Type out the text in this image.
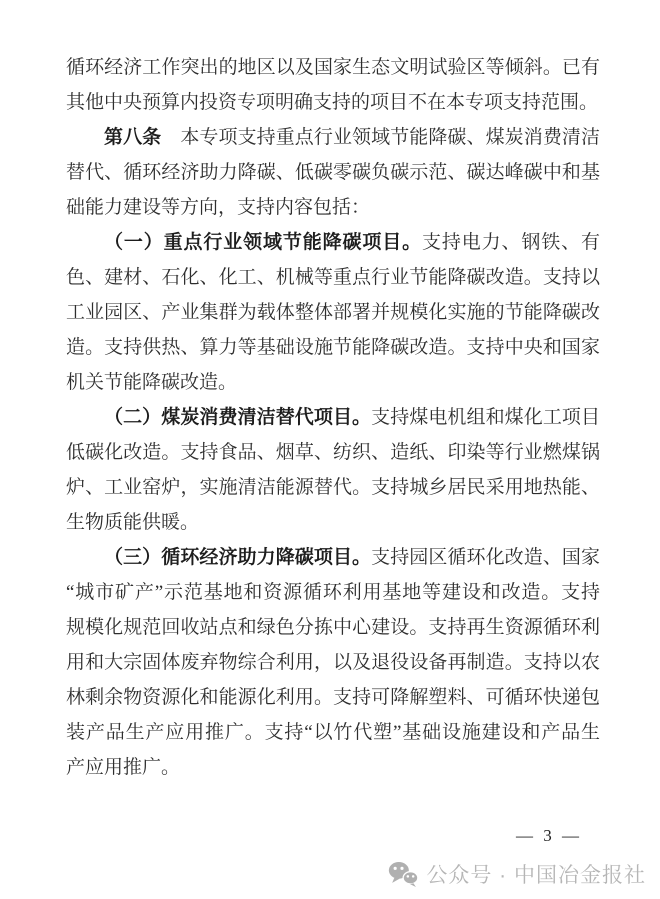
循环经济工作突出的地区以及国家生态文明试验区等倾斜。已有
其他中央预算内投资专项明确支持的项目不在本专项支持范围。
第八条　本专项支持重点行业领域节能降碳、煤炭消费清洁
替代、循环经济助力降碳、低碳零碳负碳示范、碳达峰碳中和基
础能力建设等方向，支持内容包括：
（一）重点行业领域节能降碳项目。支持电力、钢铁、有
色、建材、石化、化工、机械等重点行业节能降碳改造。支持以
工业园区、产业集群为载体整体部署并规模化实施的节能降碳改
造。支持供热、算力等基础设施节能降碳改造。支持中央和国家
机关节能降碳改造。
（二）煤炭消费清洁替代项目。支持煤电机组和煤化工项目
低碳化改造。支持食品、烟草、纺织、造纸、印染等行业燃煤锅
炉、工业窑炉，实施清洁能源替代。支持城乡居民采用地热能、
生物质能供暖。
（三）循环经济助力降碳项目。支持园区循环化改造、国家
“城市矿产”示范基地和资源循环利用基地等建设和改造。支持
规模化规范回收站点和绿色分拣中心建设。支持再生资源循环利
用和大宗固体废弃物综合利用，以及退役设备再制造。支持以农
林剩余物资源化和能源化利用。支持可降解塑料、可循环快递包
装产品生产应用推广。支持“以竹代塑”基础设施建设和产品生
产应用推广。
— 3 —
公众号 · 中国冶金报社
